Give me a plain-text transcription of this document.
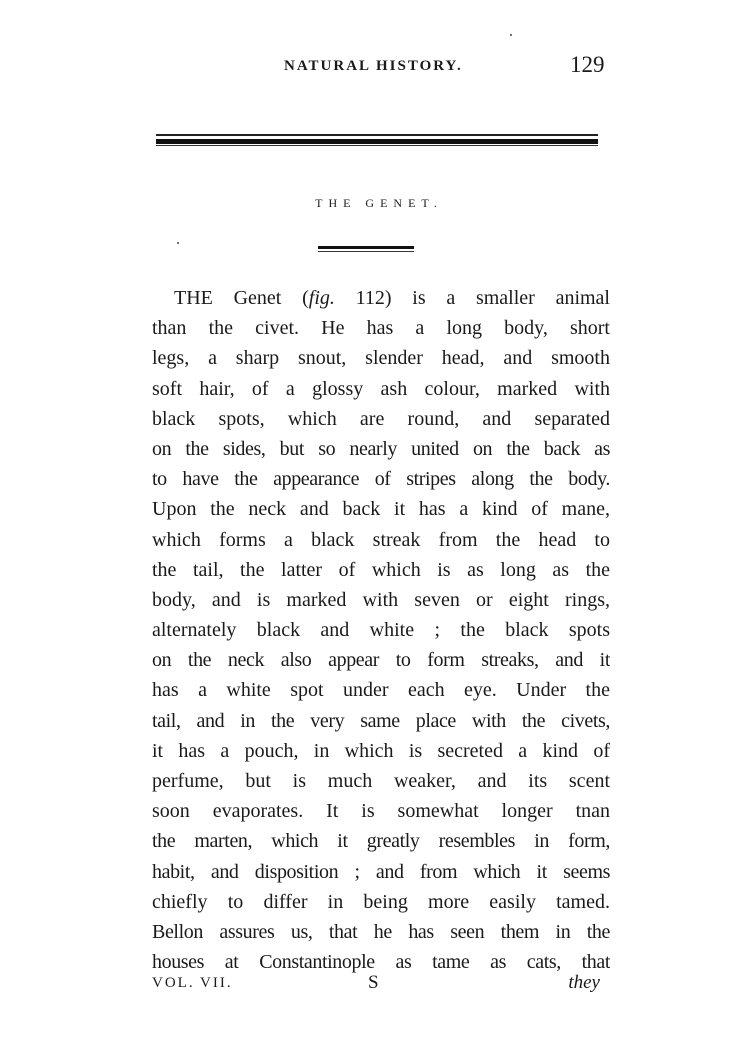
NATURAL HISTORY.	129
THE GENET.
THE Genet (fig. 112) is a smaller animal
than the civet. He has a long body, short
legs, a sharp snout, slender head, and smooth
soft hair, of a glossy ash colour, marked with
black spots, which are round, and separated
on the sides, but so nearly united on the back as
to have the appearance of stripes along the body.
Upon the neck and back it has a kind of mane,
which forms a black streak from the head to
the tail, the latter of which is as long as the
body, and is marked with seven or eight rings,
alternately black and white ; the black spots
on the neck also appear to form streaks, and it
has a white spot under each eye. Under the
tail, and in the very same place with the civets,
it has a pouch, in which is secreted a kind of
perfume, but is much weaker, and its scent
soon evaporates. It is somewhat longer tnan
the marten, which it greatly resembles in form,
habit, and disposition ; and from which it seems
chiefly to differ in being more easily tamed.
Bellon assures us, that he has seen them in the
houses at Constantinople as tame as cats, that
VOL. VII.	S	they
